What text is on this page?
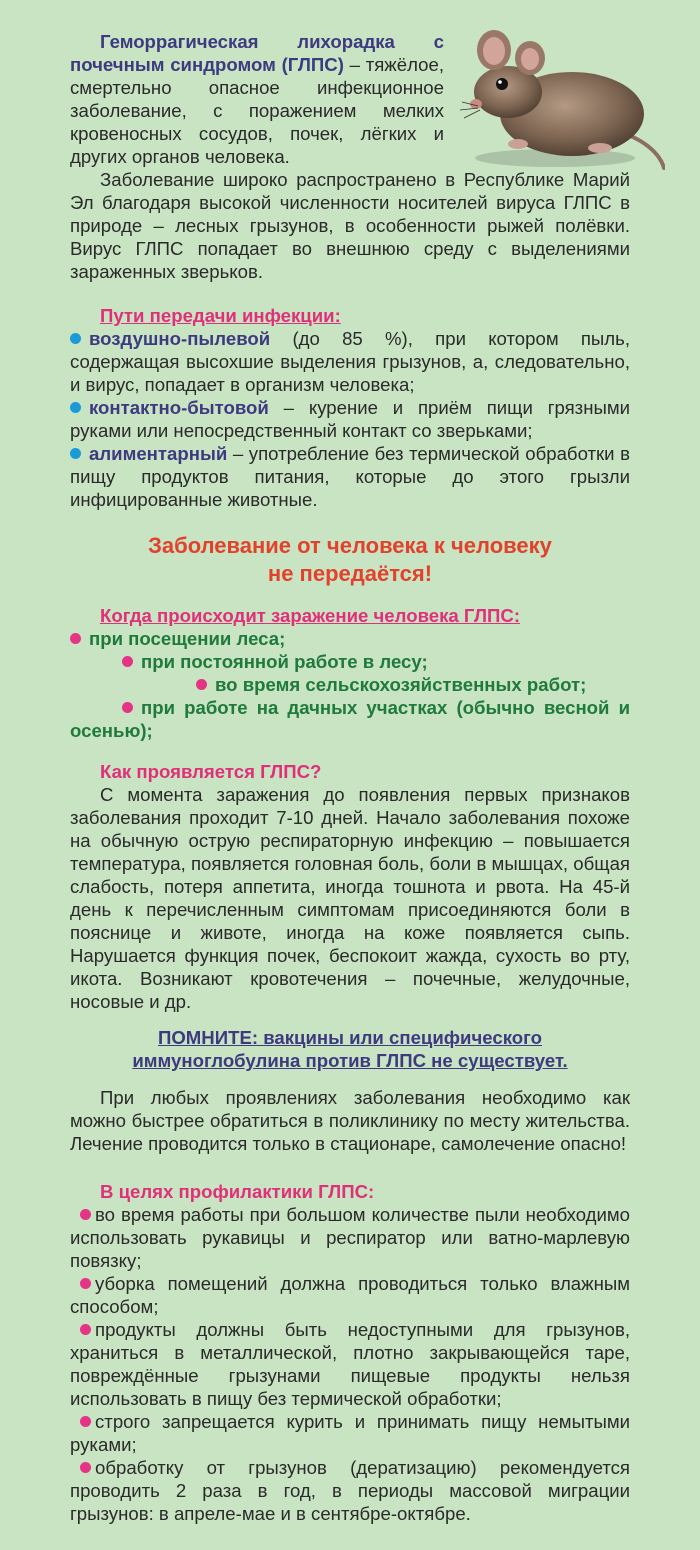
Геморрагическая лихорадка с почечным синдромом (ГЛПС) – тяжёлое, смертельно опасное инфекционное заболевание, с поражением мелких кровеносных сосудов, почек, лёгких и других органов человека.

Заболевание широко распространено в Республике Марий Эл благодаря высокой численности носителей вируса ГЛПС в природе – лесных грызунов, в особенности рыжей полёвки. Вирус ГЛПС попадает во внешнюю среду с выделениями зараженных зверьков.

Пути передачи инфекции:

воздушно-пылевой (до 85 %), при котором пыль, содержащая высохшие выделения грызунов, а, следовательно, и вирус, попадает в организм человека;

контактно-бытовой – курение и приём пищи грязными руками или непосредственный контакт со зверьками;

алиментарный – употребление без термической обработки в пищу продуктов питания, которые до этого грызли инфицированные животные.

Заболевание от человека к человеку
не передаётся!
Когда происходит заражение человека ГЛПС:
при посещении леса;
при постоянной работе в лесу;
во время сельскохозяйственных работ;

при работе на дачных участках (обычно весной и осенью);

Как проявляется ГЛПС?

С момента заражения до появления первых признаков заболевания проходит 7-10 дней. Начало заболевания похоже на обычную острую респираторную инфекцию – повышается температура, появляется головная боль, боли в мышцах, общая слабость, потеря аппетита, иногда тошнота и рвота. На 45-й день к перечисленным симптомам присоединяются боли в пояснице и животе, иногда на коже появляется сыпь. Нарушается функция почек, беспокоит жажда, сухость во рту, икота. Возникают кровотечения – почечные, желудочные, носовые и др.

ПОМНИТЕ: вакцины или специфического
иммуноглобулина против ГЛПС не существует.

При любых проявлениях заболевания необходимо как можно быстрее обратиться в поликлинику по месту жительства. Лечение проводится только в стационаре, самолечение опасно!

В целях профилактики ГЛПС:

во время работы при большом количестве пыли необходимо использовать рукавицы и респиратор или ватно-марлевую повязку;

уборка помещений должна проводиться только влажным способом;

продукты должны быть недоступными для грызунов, храниться в металлической, плотно закрывающейся таре, повреждённые грызунами пищевые продукты нельзя использовать в пищу без термической обработки;

строго запрещается курить и принимать пищу немытыми руками;

обработку от грызунов (дератизацию) рекомендуется проводить 2 раза в год, в периоды массовой миграции грызунов: в апреле-мае и в сентябре-октябре.
